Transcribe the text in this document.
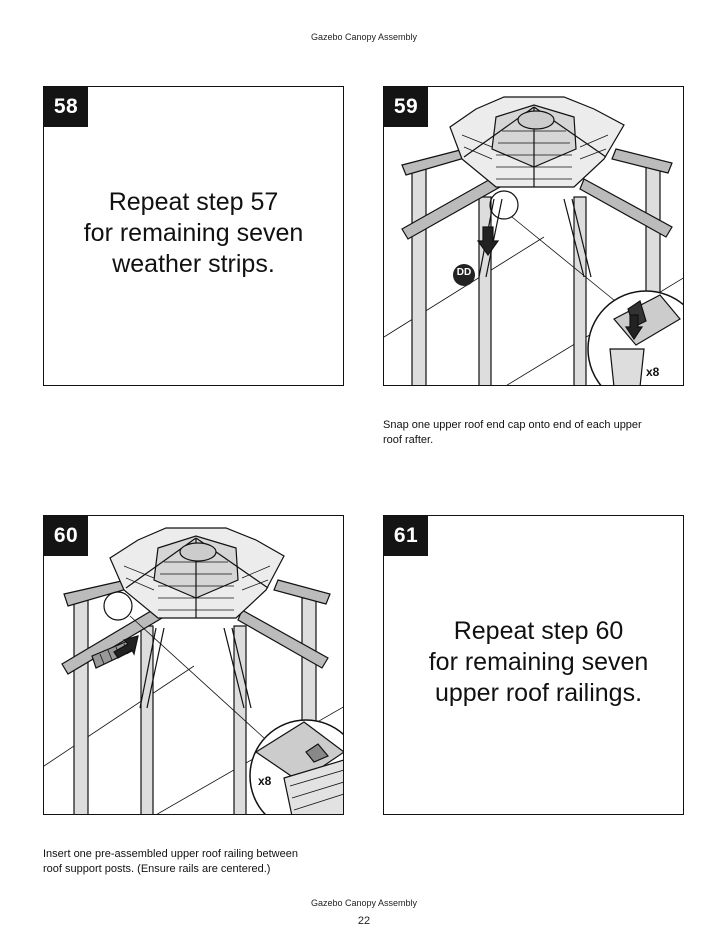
Gazebo Canopy Assembly
58
Repeat step 57
for remaining seven
weather strips.
59
DD
x8
Snap one upper roof end cap onto end of each upper
roof rafter.
60
x8
Insert one pre-assembled upper roof railing between
roof support posts. (Ensure rails are centered.)
61
Repeat step 60
for remaining seven
upper roof railings.
Gazebo Canopy Assembly
22
